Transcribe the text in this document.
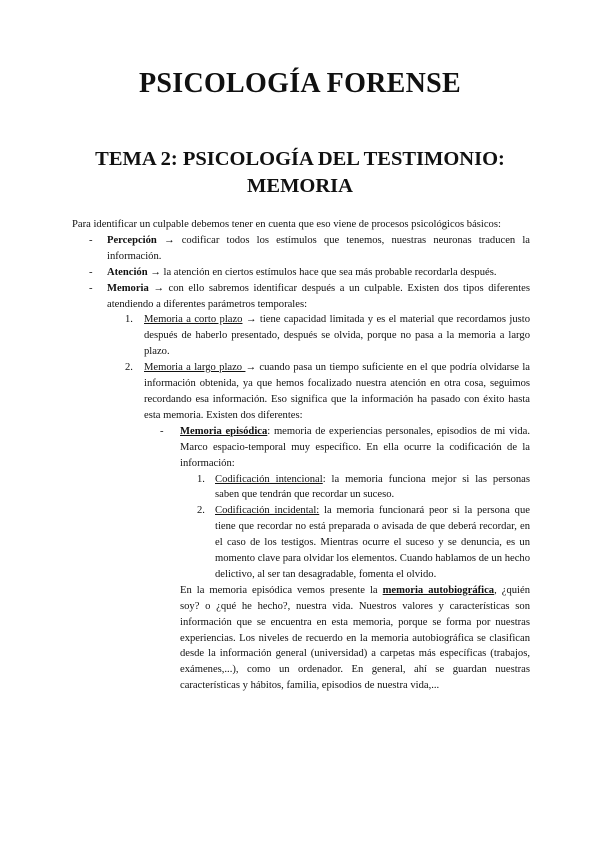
PSICOLOGÍA FORENSE
TEMA 2: PSICOLOGÍA DEL TESTIMONIO: MEMORIA

Para identificar un culpable debemos tener en cuenta que eso viene de procesos psicológicos básicos:

- Percepción → codificar todos los estímulos que tenemos, nuestras neuronas traducen la información.
- Atención → la atención en ciertos estímulos hace que sea más probable recordarla después.
- Memoria → con ello sabremos identificar después a un culpable. Existen dos tipos diferentes atendiendo a diferentes parámetros temporales:
1. Memoria a corto plazo → tiene capacidad limitada y es el material que recordamos justo después de haberlo presentado, después se olvida, porque no pasa a la memoria a largo plazo.
2. Memoria a largo plazo → cuando pasa un tiempo suficiente en el que podría olvidarse la información obtenida, ya que hemos focalizado nuestra atención en otra cosa, seguimos recordando esa información. Eso significa que la información ha pasado con éxito hasta esta memoria. Existen dos diferentes:
- Memoria episódica: memoria de experiencias personales, episodios de mi vida. Marco espacio-temporal muy específico. En ella ocurre la codificación de la información:
1. Codificación intencional: la memoria funciona mejor si las personas saben que tendrán que recordar un suceso.
2. Codificación incidental: la memoria funcionará peor si la persona que tiene que recordar no está preparada o avisada de que deberá recordar, en el caso de los testigos. Mientras ocurre el suceso y se denuncia, es un momento clave para olvidar los elementos. Cuando hablamos de un hecho delictivo, al ser tan desagradable, fomenta el olvido.

En la memoria episódica vemos presente la memoria autobiográfica, ¿quién soy? o ¿qué he hecho?, nuestra vida. Nuestros valores y características son información que se encuentra en esta memoria, porque se forma por nuestras experiencias. Los niveles de recuerdo en la memoria autobiográfica se clasifican desde la información general (universidad) a carpetas más específicas (trabajos, exámenes,...), como un ordenador. En general, ahí se guardan nuestras características y hábitos, familia, episodios de nuestra vida,...
